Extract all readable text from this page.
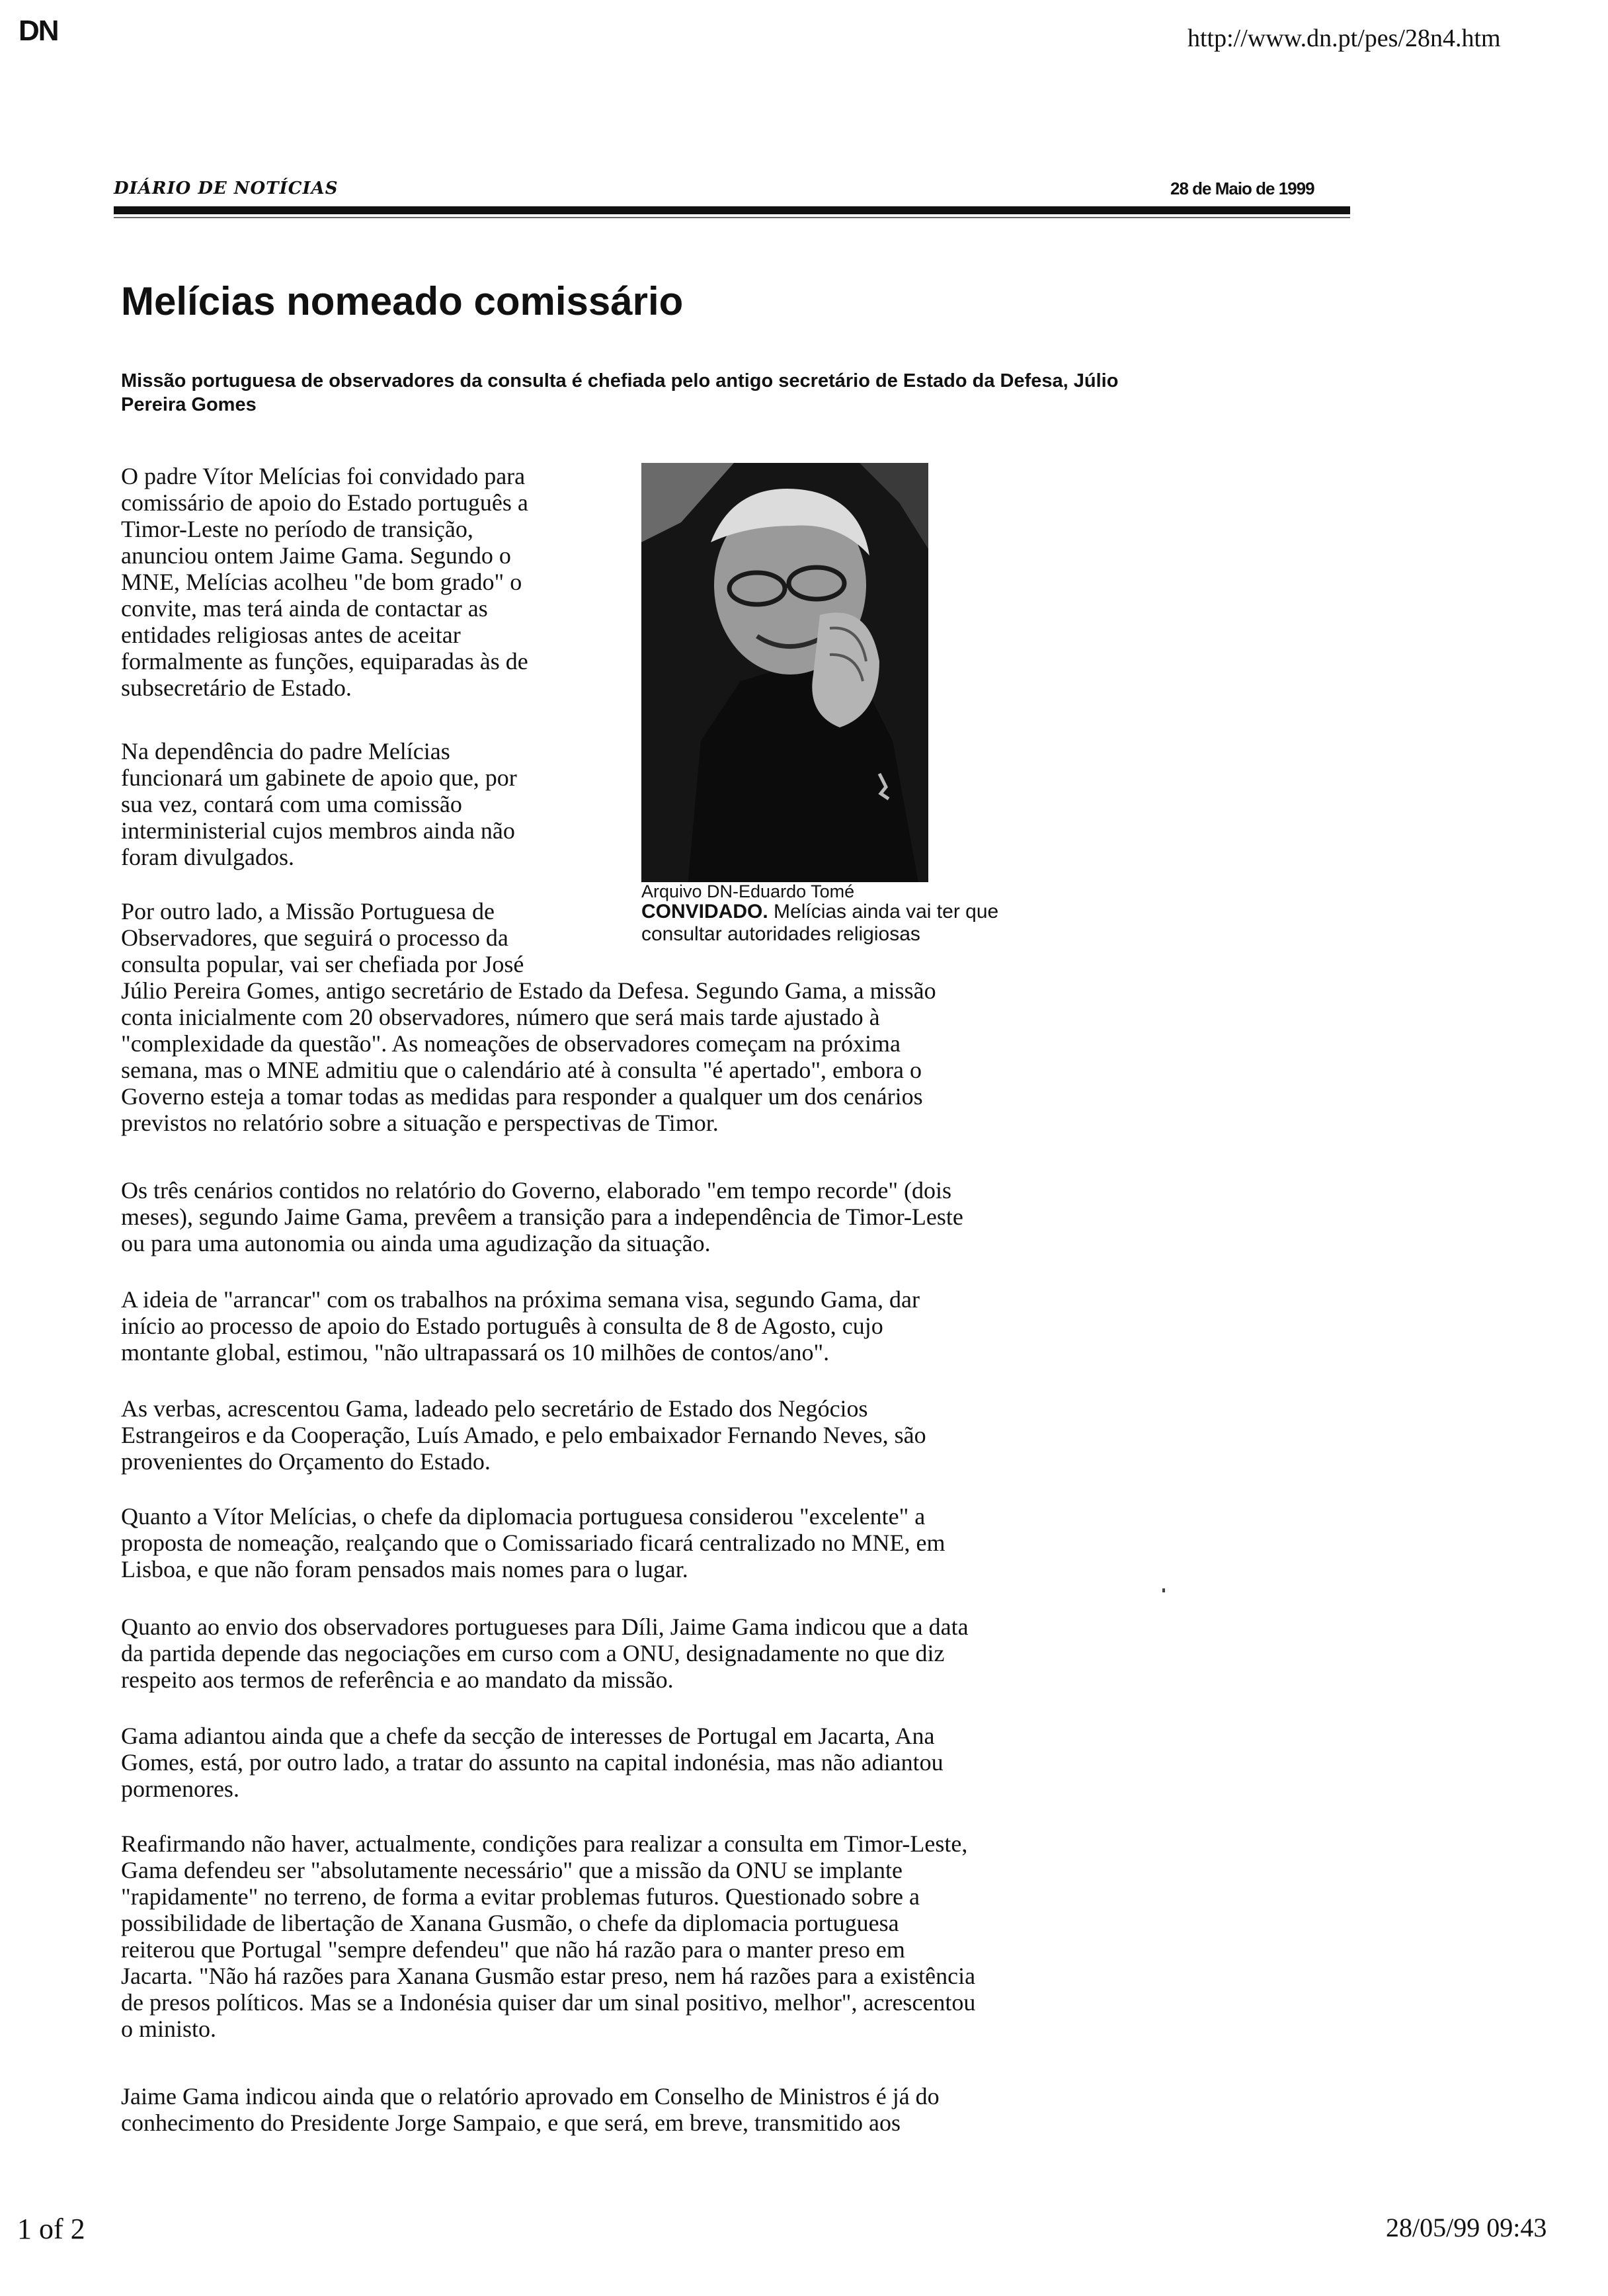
DN	http://www.dn.pt/pes/28n4.htm
DIÁRIO DE NOTÍCIAS	28 de Maio de 1999
Melícias nomeado comissário

Missão portuguesa de observadores da consulta é chefiada pelo antigo secretário de Estado da Defesa, Júlio Pereira Gomes

O padre Vítor Melícias foi convidado para
comissário de apoio do Estado português a
Timor-Leste no período de transição,
anunciou ontem Jaime Gama. Segundo o
MNE, Melícias acolheu "de bom grado" o
convite, mas terá ainda de contactar as
entidades religiosas antes de aceitar
formalmente as funções, equiparadas às de
subsecretário de Estado.

Na dependência do padre Melícias
funcionará um gabinete de apoio que, por
sua vez, contará com uma comissão
interministerial cujos membros ainda não
foram divulgados.

Por outro lado, a Missão Portuguesa de
Observadores, que seguirá o processo da
consulta popular, vai ser chefiada por José
Júlio Pereira Gomes, antigo secretário de Estado da Defesa. Segundo Gama, a missão
conta inicialmente com 20 observadores, número que será mais tarde ajustado à
"complexidade da questão". As nomeações de observadores começam na próxima
semana, mas o MNE admitiu que o calendário até à consulta "é apertado", embora o
Governo esteja a tomar todas as medidas para responder a qualquer um dos cenários
previstos no relatório sobre a situação e perspectivas de Timor.

Os três cenários contidos no relatório do Governo, elaborado "em tempo recorde" (dois
meses), segundo Jaime Gama, prevêem a transição para a independência de Timor-Leste
ou para uma autonomia ou ainda uma agudização da situação.

A ideia de "arrancar" com os trabalhos na próxima semana visa, segundo Gama, dar
início ao processo de apoio do Estado português à consulta de 8 de Agosto, cujo
montante global, estimou, "não ultrapassará os 10 milhões de contos/ano".

As verbas, acrescentou Gama, ladeado pelo secretário de Estado dos Negócios
Estrangeiros e da Cooperação, Luís Amado, e pelo embaixador Fernando Neves, são
provenientes do Orçamento do Estado.

Quanto a Vítor Melícias, o chefe da diplomacia portuguesa considerou "excelente" a
proposta de nomeação, realçando que o Comissariado ficará centralizado no MNE, em
Lisboa, e que não foram pensados mais nomes para o lugar.

Quanto ao envio dos observadores portugueses para Díli, Jaime Gama indicou que a data
da partida depende das negociações em curso com a ONU, designadamente no que diz
respeito aos termos de referência e ao mandato da missão.

Gama adiantou ainda que a chefe da secção de interesses de Portugal em Jacarta, Ana
Gomes, está, por outro lado, a tratar do assunto na capital indonésia, mas não adiantou
pormenores.

Reafirmando não haver, actualmente, condições para realizar a consulta em Timor-Leste,
Gama defendeu ser "absolutamente necessário" que a missão da ONU se implante
"rapidamente" no terreno, de forma a evitar problemas futuros. Questionado sobre a
possibilidade de libertação de Xanana Gusmão, o chefe da diplomacia portuguesa
reiterou que Portugal "sempre defendeu" que não há razão para o manter preso em
Jacarta. "Não há razões para Xanana Gusmão estar preso, nem há razões para a existência
de presos políticos. Mas se a Indonésia quiser dar um sinal positivo, melhor", acrescentou
o ministo.

Jaime Gama indicou ainda que o relatório aprovado em Conselho de Ministros é já do
conhecimento do Presidente Jorge Sampaio, e que será, em breve, transmitido aos

Arquivo DN-Eduardo Tomé
CONVIDADO. Melícias ainda vai ter que consultar autoridades religiosas
1 of 2	28/05/99 09:43
